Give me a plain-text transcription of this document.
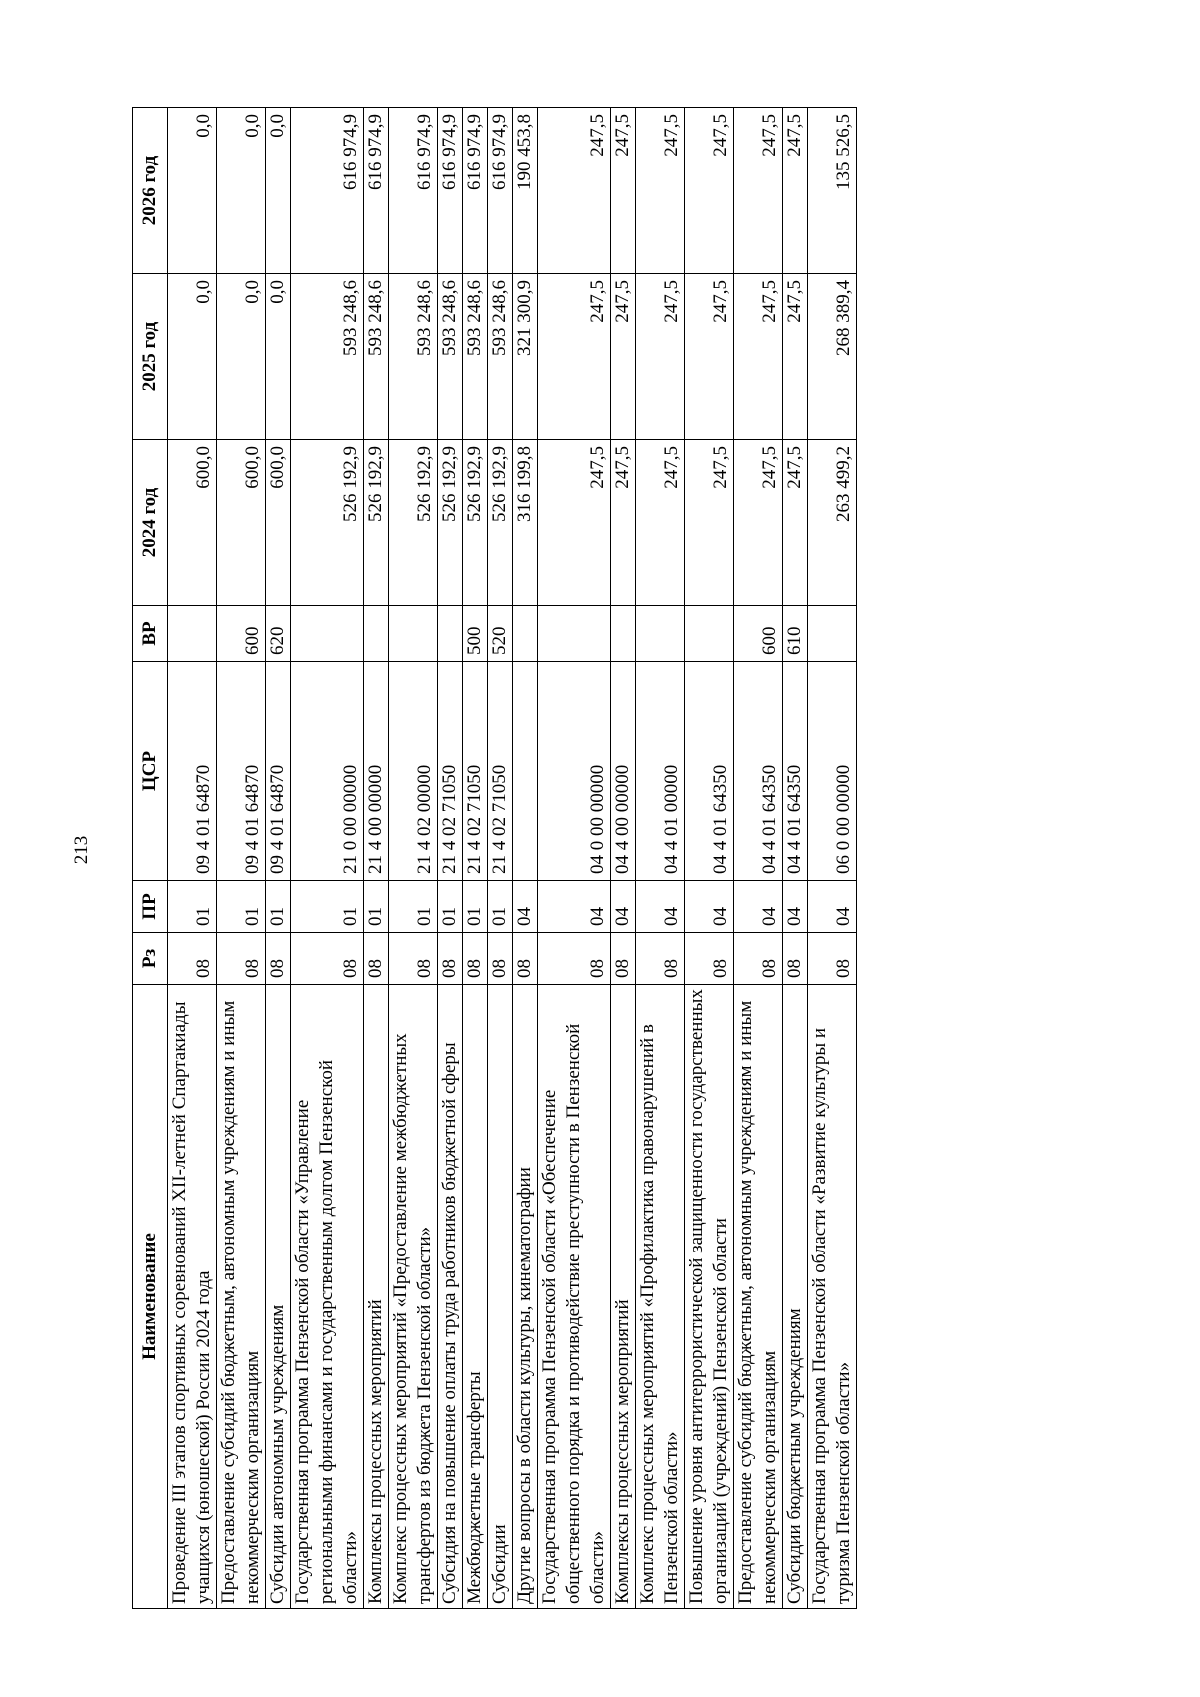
213
Наименование	Рз	ПР	ЦСР	ВР	2024 год	2025 год	2026 год
Проведение III этапов спортивных соревнований XII-летней Спартакиады учащихся (юношеской) России 2024 года	08	01	09 4 01 64870		600,0	0,0	0,0
Предоставление субсидий бюджетным, автономным учреждениям и иным некоммерческим организациям	08	01	09 4 01 64870	600	600,0	0,0	0,0
Субсидии автономным учреждениям	08	01	09 4 01 64870	620	600,0	0,0	0,0
Государственная программа Пензенской области «Управление региональными финансами и государственным долгом Пензенской области»	08	01	21 0 00 00000		526 192,9	593 248,6	616 974,9
Комплексы процессных мероприятий	08	01	21 4 00 00000		526 192,9	593 248,6	616 974,9
Комплекс процессных мероприятий «Предоставление межбюджетных трансфертов из бюджета Пензенской области»	08	01	21 4 02 00000		526 192,9	593 248,6	616 974,9
Субсидия на повышение оплаты труда работников бюджетной сферы	08	01	21 4 02 71050		526 192,9	593 248,6	616 974,9
Межбюджетные трансферты	08	01	21 4 02 71050	500	526 192,9	593 248,6	616 974,9
Субсидии	08	01	21 4 02 71050	520	526 192,9	593 248,6	616 974,9
Другие вопросы в области культуры, кинематографии	08	04			316 199,8	321 300,9	190 453,8
Государственная программа Пензенской области «Обеспечение общественного порядка и противодействие преступности в Пензенской области»	08	04	04 0 00 00000		247,5	247,5	247,5
Комплексы процессных мероприятий	08	04	04 4 00 00000		247,5	247,5	247,5
Комплекс процессных мероприятий «Профилактика правонарушений в Пензенской области»	08	04	04 4 01 00000		247,5	247,5	247,5
Повышение уровня антитеррористической защищенности государственных организаций (учреждений) Пензенской области	08	04	04 4 01 64350		247,5	247,5	247,5
Предоставление субсидий бюджетным, автономным учреждениям и иным некоммерческим организациям	08	04	04 4 01 64350	600	247,5	247,5	247,5
Субсидии бюджетным учреждениям	08	04	04 4 01 64350	610	247,5	247,5	247,5
Государственная программа Пензенской области «Развитие культуры и туризма Пензенской области»	08	04	06 0 00 00000		263 499,2	268 389,4	135 526,5
